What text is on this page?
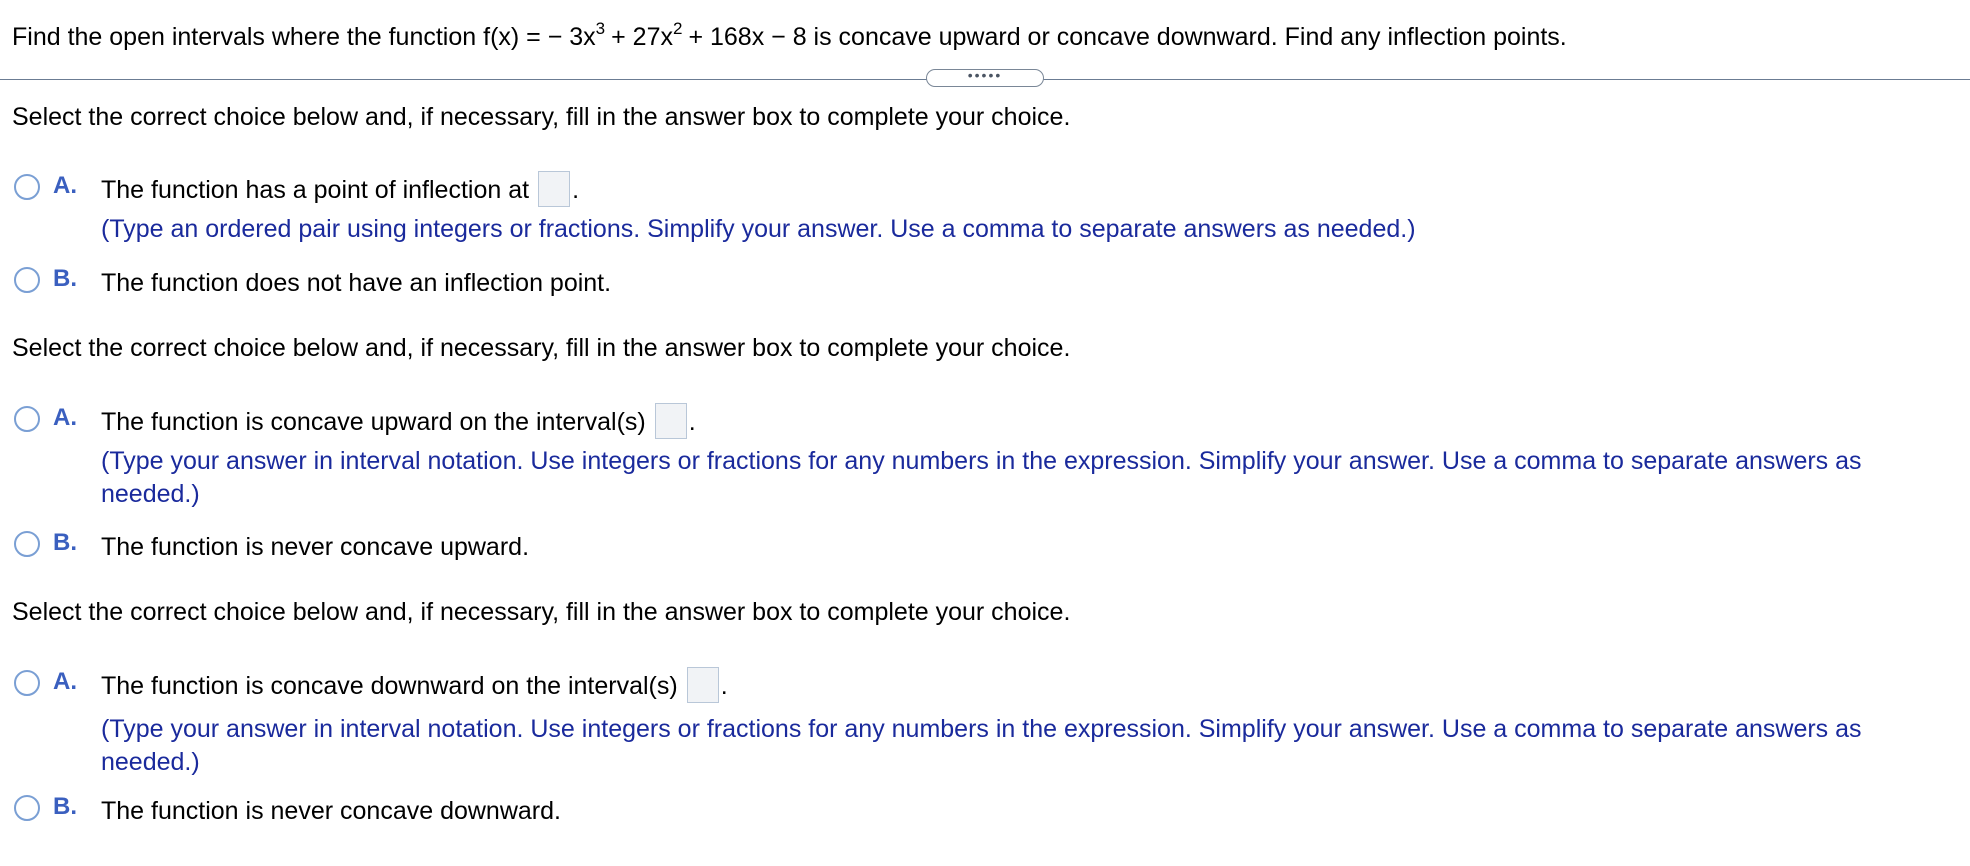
Find the open intervals where the function f(x) = − $3x^3 + 27x^2 + 168x - 8$ is concave upward or concave downward. Find any inflection points.
•••••
Select the correct choice below and, if necessary, fill in the answer box to complete your choice.
A. The function has a point of inflection at .
(Type an ordered pair using integers or fractions. Simplify your answer. Use a comma to separate answers as needed.)
B. The function does not have an inflection point.
Select the correct choice below and, if necessary, fill in the answer box to complete your choice.
A. The function is concave upward on the interval(s) .
(Type your answer in interval notation. Use integers or fractions for any numbers in the expression. Simplify your answer. Use a comma to separate answers as needed.)
B. The function is never concave upward.
Select the correct choice below and, if necessary, fill in the answer box to complete your choice.
A. The function is concave downward on the interval(s) .
(Type your answer in interval notation. Use integers or fractions for any numbers in the expression. Simplify your answer. Use a comma to separate answers as needed.)
B. The function is never concave downward.
